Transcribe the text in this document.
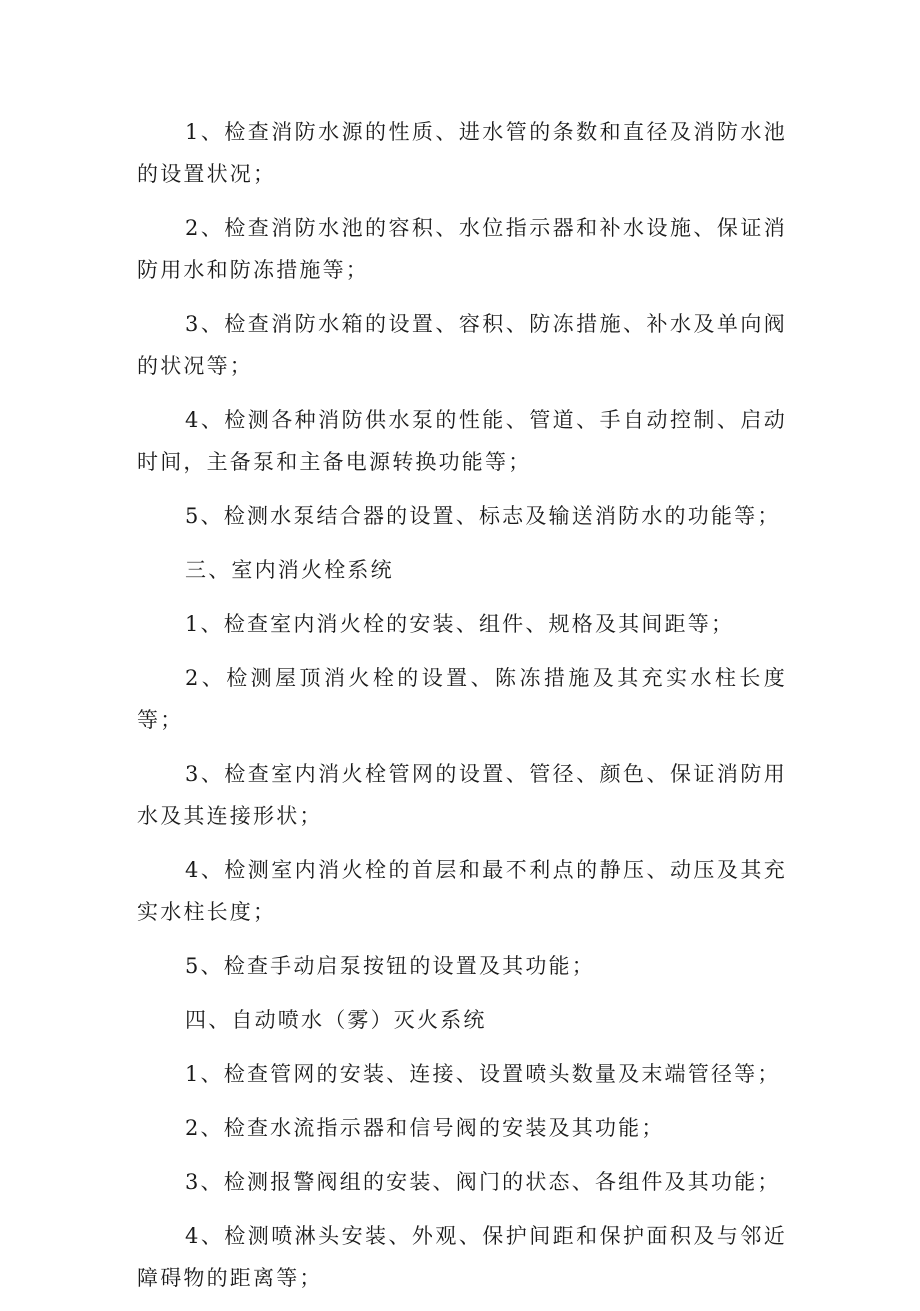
1、检查消防水源的性质、进水管的条数和直径及消防水池的设置状况；

2、检查消防水池的容积、水位指示器和补水设施、保证消防用水和防冻措施等；

3、检查消防水箱的设置、容积、防冻措施、补水及单向阀的状况等；

4、检测各种消防供水泵的性能、管道、手自动控制、启动时间，主备泵和主备电源转换功能等；

5、检测水泵结合器的设置、标志及输送消防水的功能等；

三、室内消火栓系统

1、检查室内消火栓的安装、组件、规格及其间距等；

2、检测屋顶消火栓的设置、陈冻措施及其充实水柱长度等；

3、检查室内消火栓管网的设置、管径、颜色、保证消防用水及其连接形状；

4、检测室内消火栓的首层和最不利点的静压、动压及其充实水柱长度；

5、检查手动启泵按钮的设置及其功能；

四、自动喷水（雾）灭火系统

1、检查管网的安装、连接、设置喷头数量及末端管径等；

2、检查水流指示器和信号阀的安装及其功能；

3、检测报警阀组的安装、阀门的状态、各组件及其功能；

4、检测喷淋头安装、外观、保护间距和保护面积及与邻近障碍物的距离等；
